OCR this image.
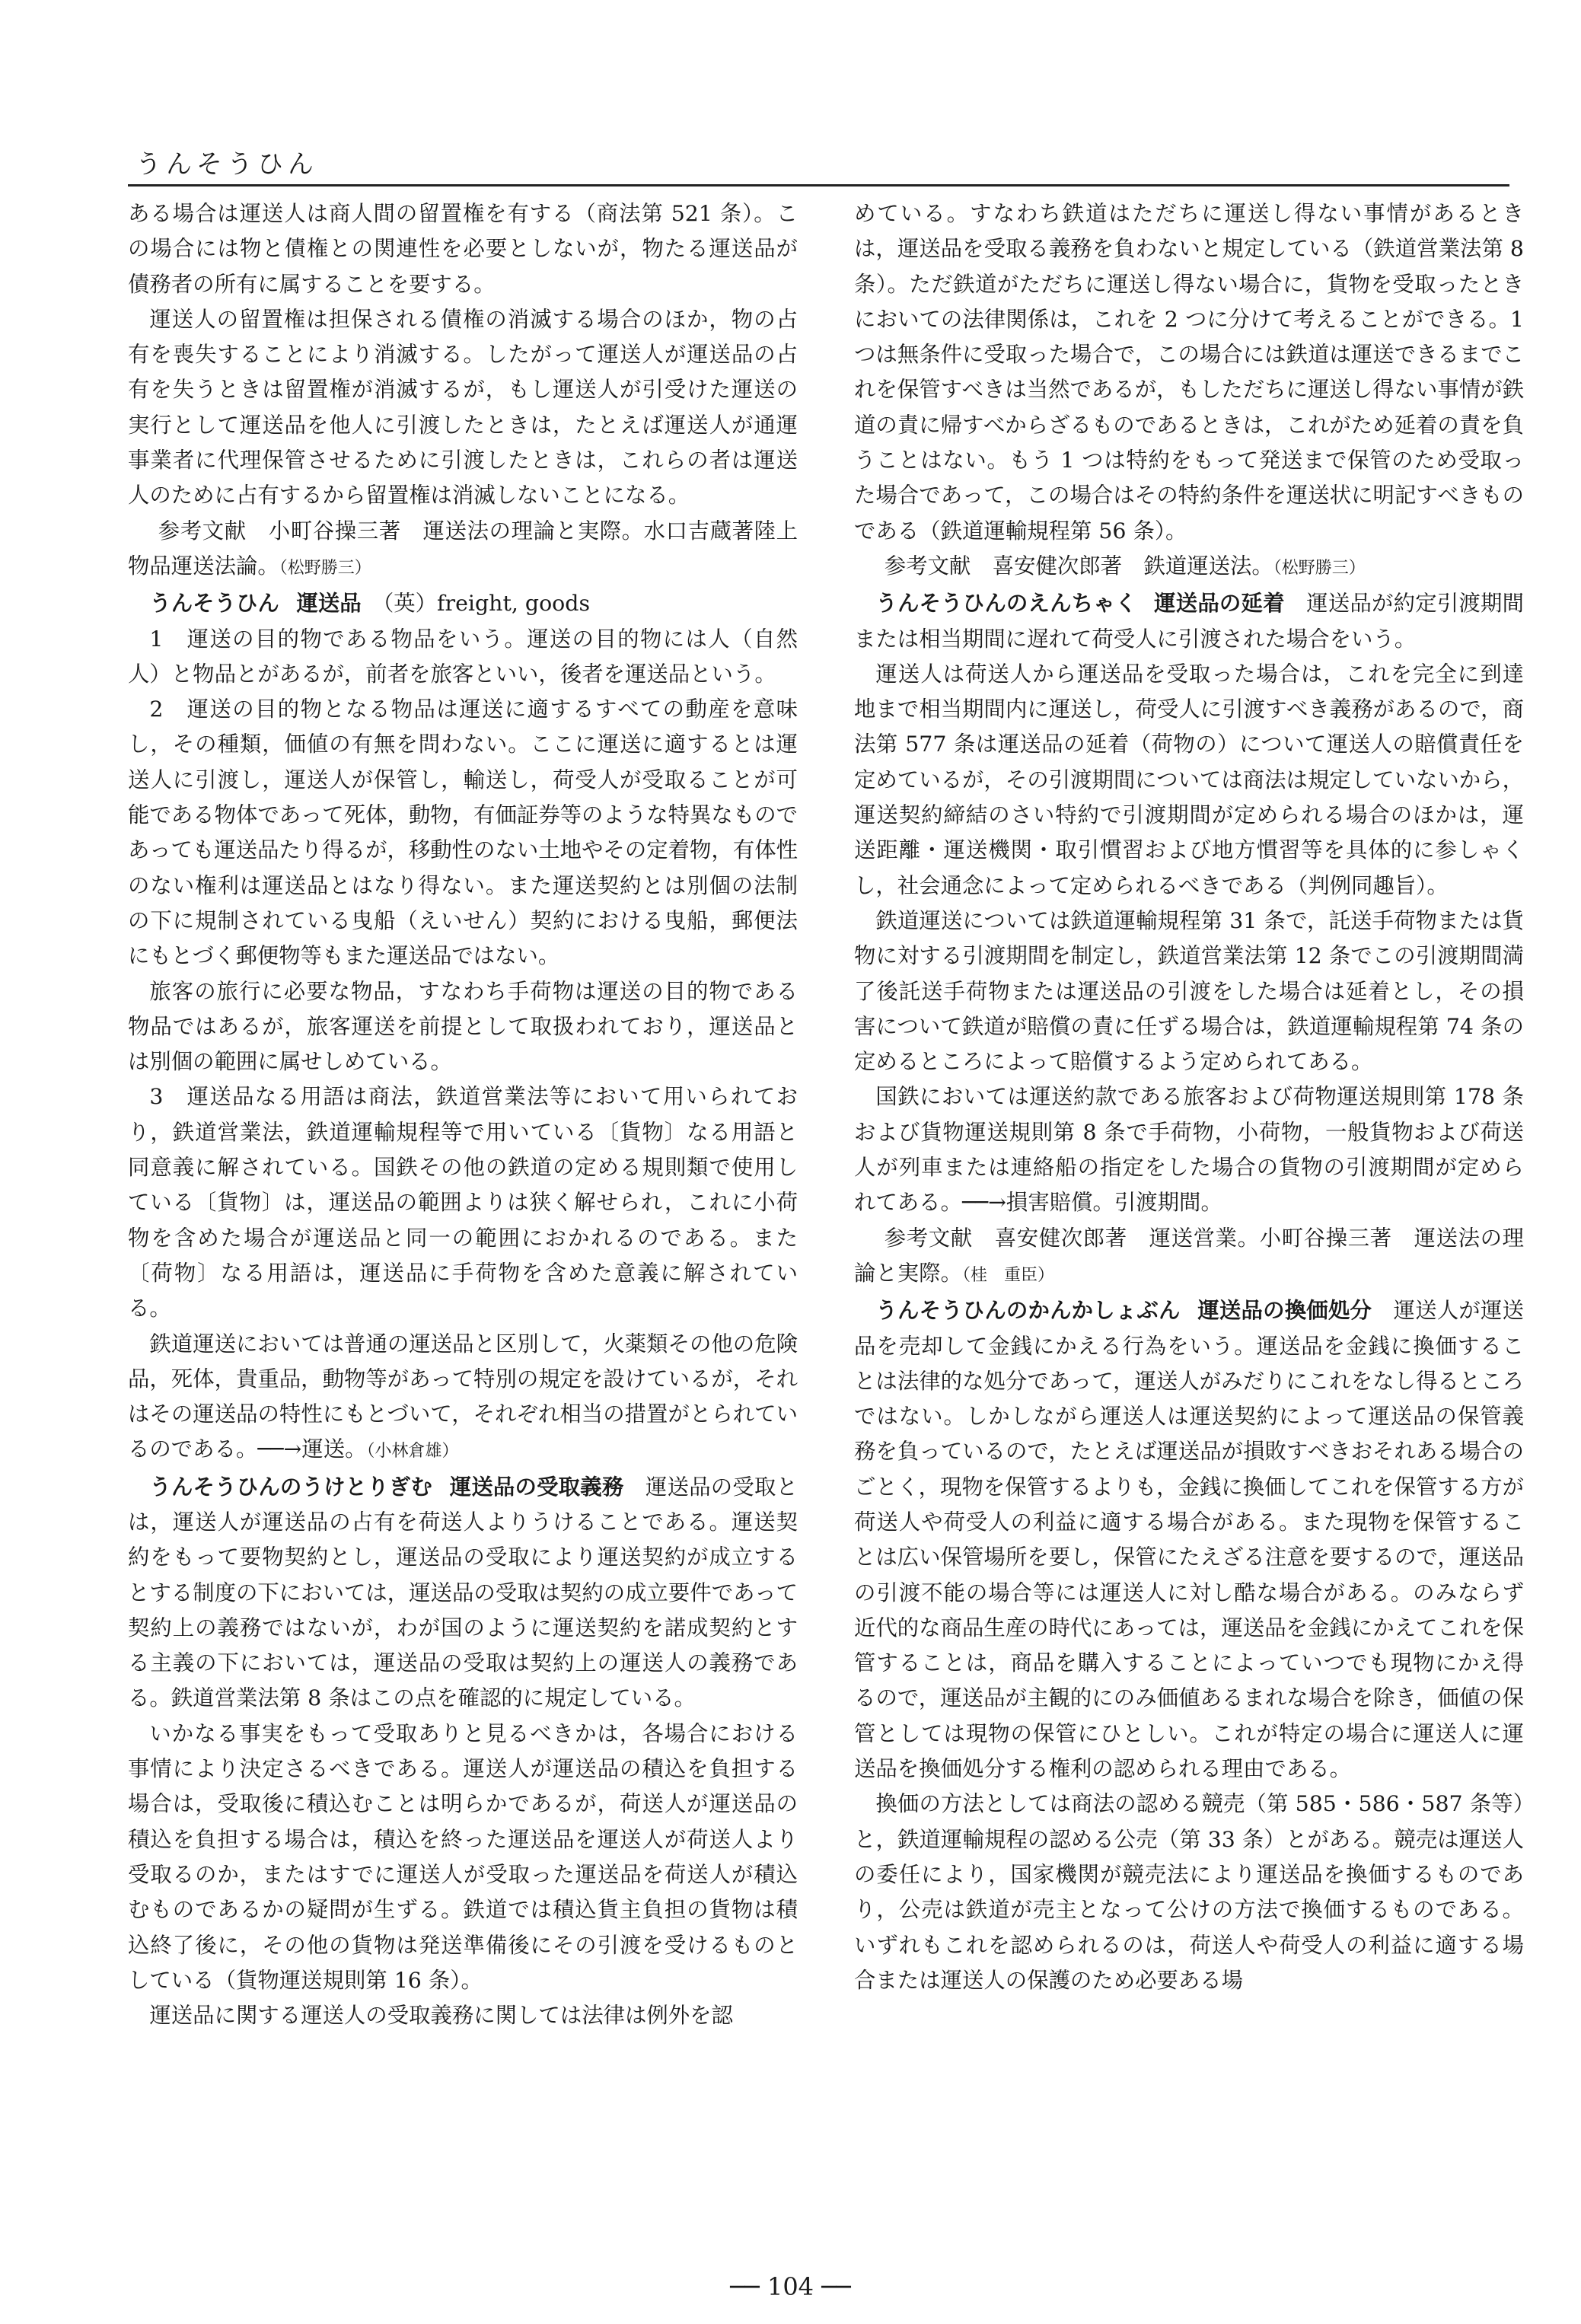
うんそうひん

ある場合は運送人は商人間の留置権を有する（商法第 521 条）。この場合には物と債権との関連性を必要としないが，物たる運送品が債務者の所有に属することを要する。

運送人の留置権は担保される債権の消滅する場合のほか，物の占有を喪失することにより消滅する。したがって運送人が運送品の占有を失うときは留置権が消滅するが，もし運送人が引受けた運送の実行として運送品を他人に引渡したときは，たとえば運送人が通運事業者に代理保管させるために引渡したときは，これらの者は運送人のために占有するから留置権は消滅しないことになる。

参考文献　小町谷操三著　運送法の理論と実際。水口吉蔵著陸上物品運送法論。（松野勝三）

うんそうひん 運送品　 （英）freight, goods

1　運送の目的物である物品をいう。運送の目的物には人（自然人）と物品とがあるが，前者を旅客といい，後者を運送品という。

2　運送の目的物となる物品は運送に適するすべての動産を意味し，その種類，価値の有無を問わない。ここに運送に適するとは運送人に引渡し，運送人が保管し，輸送し，荷受人が受取ることが可能である物体であって死体，動物，有価証券等のような特異なものであっても運送品たり得るが，移動性のない土地やその定着物，有体性のない権利は運送品とはなり得ない。また運送契約とは別個の法制の下に規制されている曳船（えいせん）契約における曳船，郵便法にもとづく郵便物等もまた運送品ではない。

旅客の旅行に必要な物品，すなわち手荷物は運送の目的物である物品ではあるが，旅客運送を前提として取扱われており，運送品とは別個の範囲に属せしめている。

3　運送品なる用語は商法，鉄道営業法等において用いられており，鉄道営業法，鉄道運輸規程等で用いている〔貨物〕なる用語と同意義に解されている。国鉄その他の鉄道の定める規則類で使用している〔貨物〕は，運送品の範囲よりは狭く解せられ，これに小荷物を含めた場合が運送品と同一の範囲におかれるのである。また〔荷物〕なる用語は，運送品に手荷物を含めた意義に解されている。

鉄道運送においては普通の運送品と区別して，火薬類その他の危険品，死体，貴重品，動物等があって特別の規定を設けているが，それはその運送品の特性にもとづいて，それぞれ相当の措置がとられているのである。──→運送。（小林倉雄）

うんそうひんのうけとりぎむ 運送品の受取義務　 運送品の受取とは，運送人が運送品の占有を荷送人よりうけることである。運送契約をもって要物契約とし，運送品の受取により運送契約が成立するとする制度の下においては，運送品の受取は契約の成立要件であって契約上の義務ではないが，わが国のように運送契約を諾成契約とする主義の下においては，運送品の受取は契約上の運送人の義務である。鉄道営業法第 8 条はこの点を確認的に規定している。

いかなる事実をもって受取ありと見るべきかは，各場合における事情により決定さるべきである。運送人が運送品の積込を負担する場合は，受取後に積込むことは明らかであるが，荷送人が運送品の積込を負担する場合は，積込を終った運送品を運送人が荷送人より受取るのか，またはすでに運送人が受取った運送品を荷送人が積込むものであるかの疑問が生ずる。鉄道では積込貨主負担の貨物は積込終了後に，その他の貨物は発送準備後にその引渡を受けるものとしている（貨物運送規則第 16 条）。

運送品に関する運送人の受取義務に関しては法律は例外を認

めている。すなわち鉄道はただちに運送し得ない事情があるときは，運送品を受取る義務を負わないと規定している（鉄道営業法第 8 条）。ただ鉄道がただちに運送し得ない場合に，貨物を受取ったときにおいての法律関係は，これを 2 つに分けて考えることができる。1 つは無条件に受取った場合で，この場合には鉄道は運送できるまでこれを保管すべきは当然であるが，もしただちに運送し得ない事情が鉄道の責に帰すべからざるものであるときは，これがため延着の責を負うことはない。もう 1 つは特約をもって発送まで保管のため受取った場合であって，この場合はその特約条件を運送状に明記すべきものである（鉄道運輸規程第 56 条）。

参考文献　喜安健次郎著　鉄道運送法。（松野勝三）

うんそうひんのえんちゃく 運送品の延着　 運送品が約定引渡期間または相当期間に遅れて荷受人に引渡された場合をいう。

運送人は荷送人から運送品を受取った場合は，これを完全に到達地まで相当期間内に運送し，荷受人に引渡すべき義務があるので，商法第 577 条は運送品の延着（荷物の）について運送人の賠償責任を定めているが，その引渡期間については商法は規定していないから，運送契約締結のさい特約で引渡期間が定められる場合のほかは，運送距離・運送機関・取引慣習および地方慣習等を具体的に参しゃくし，社会通念によって定められるべきである（判例同趣旨）。

鉄道運送については鉄道運輸規程第 31 条で，託送手荷物または貨物に対する引渡期間を制定し，鉄道営業法第 12 条でこの引渡期間満了後託送手荷物または運送品の引渡をした場合は延着とし，その損害について鉄道が賠償の責に任ずる場合は，鉄道運輸規程第 74 条の定めるところによって賠償するよう定められてある。

国鉄においては運送約款である旅客および荷物運送規則第 178 条および貨物運送規則第 8 条で手荷物，小荷物，一般貨物および荷送人が列車または連絡船の指定をした場合の貨物の引渡期間が定められてある。──→損害賠償。引渡期間。

参考文献　喜安健次郎著　運送営業。小町谷操三著　運送法の理論と実際。（桂　重臣）

うんそうひんのかんかしょぶん 運送品の換価処分　 運送人が運送品を売却して金銭にかえる行為をいう。運送品を金銭に換価することは法律的な処分であって，運送人がみだりにこれをなし得るところではない。しかしながら運送人は運送契約によって運送品の保管義務を負っているので，たとえば運送品が損敗すべきおそれある場合のごとく，現物を保管するよりも，金銭に換価してこれを保管する方が荷送人や荷受人の利益に適する場合がある。また現物を保管することは広い保管場所を要し，保管にたえざる注意を要するので，運送品の引渡不能の場合等には運送人に対し酷な場合がある。のみならず近代的な商品生産の時代にあっては，運送品を金銭にかえてこれを保管することは，商品を購入することによっていつでも現物にかえ得るので，運送品が主観的にのみ価値あるまれな場合を除き，価値の保管としては現物の保管にひとしい。これが特定の場合に運送人に運送品を換価処分する権利の認められる理由である。

換価の方法としては商法の認める競売（第 585・586・587 条等）と，鉄道運輸規程の認める公売（第 33 条）とがある。競売は運送人の委任により，国家機関が競売法により運送品を換価するものであり，公売は鉄道が売主となって公けの方法で換価するものである。いずれもこれを認められるのは，荷送人や荷受人の利益に適する場合または運送人の保護のため必要ある場

── 104 ──
